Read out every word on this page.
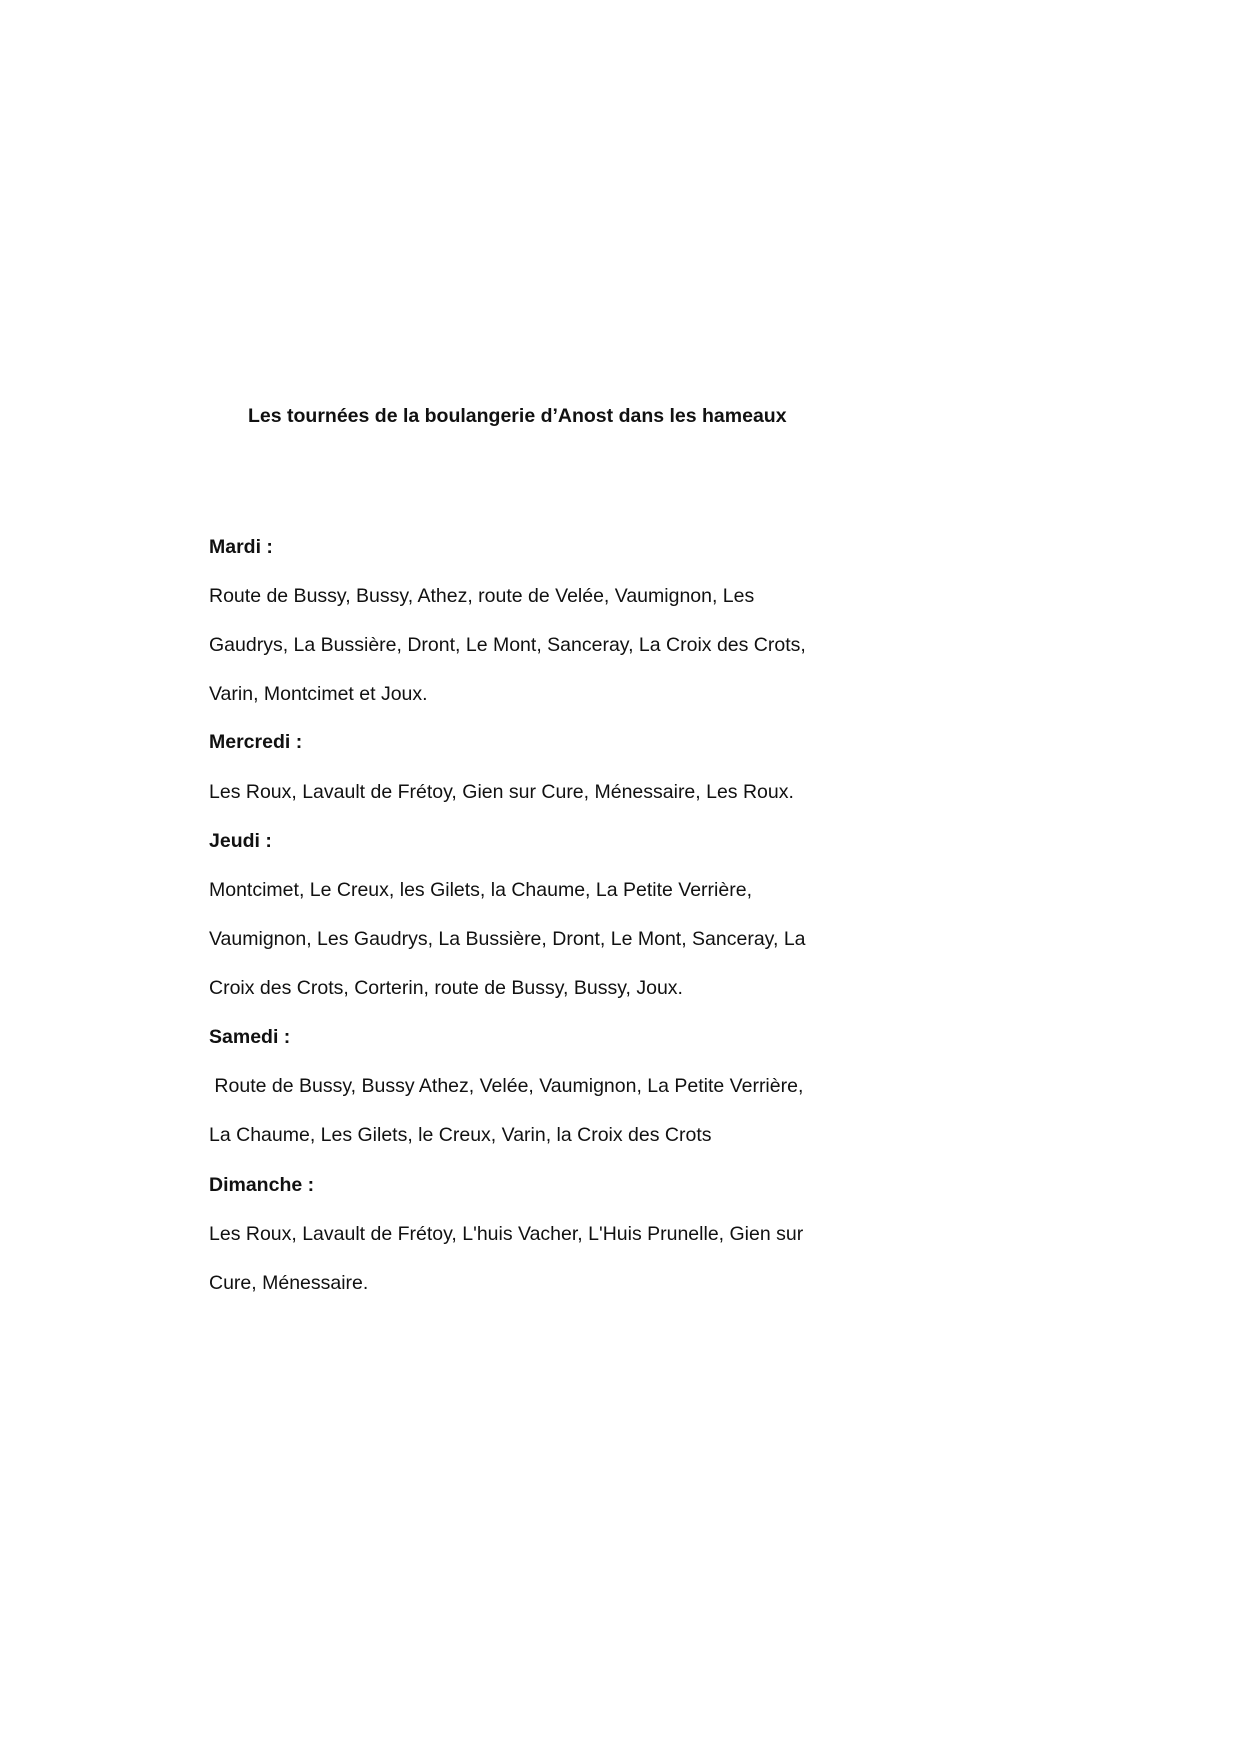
Les tournées de la boulangerie d’Anost dans les hameaux
Mardi :

Route de Bussy, Bussy, Athez, route de Velée, Vaumignon, Les

Gaudrys, La Bussière, Dront, Le Mont, Sanceray, La Croix des Crots,

Varin, Montcimet et Joux.

Mercredi :

Les Roux, Lavault de Frétoy, Gien sur Cure, Ménessaire, Les Roux.

Jeudi :

Montcimet, Le Creux, les Gilets, la Chaume, La Petite Verrière,

Vaumignon, Les Gaudrys, La Bussière, Dront, Le Mont, Sanceray, La

Croix des Crots, Corterin, route de Bussy, Bussy, Joux.

Samedi :

Route de Bussy, Bussy Athez, Velée, Vaumignon, La Petite Verrière,

La Chaume, Les Gilets, le Creux, Varin, la Croix des Crots

Dimanche :

Les Roux, Lavault de Frétoy, L'huis Vacher, L'Huis Prunelle, Gien sur

Cure, Ménessaire.
